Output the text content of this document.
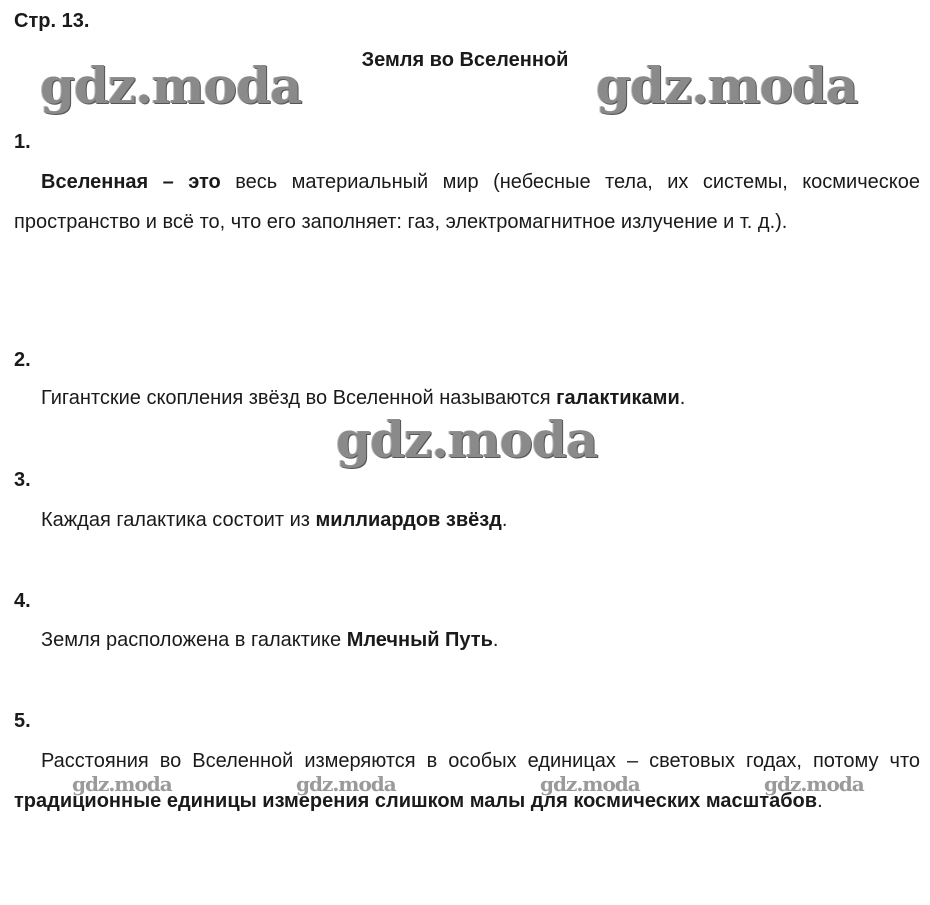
Стр. 13.
Земля во Вселенной
gdz.moda	gdz.moda
gdz.moda
gdz.moda	gdz.moda	gdz.moda	gdz.moda
1.
Вселенная – это весь материальный мир (небесные тела, их системы, космическое пространство и всё то, что его заполняет: газ, электромагнитное излучение и т. д.).
2.
Гигантские скопления звёзд во Вселенной называются галактиками.
3.
Каждая галактика состоит из миллиардов звёзд.
4.
Земля расположена в галактике Млечный Путь.
5.
Расстояния во Вселенной измеряются в особых единицах – световых годах, потому что традиционные единицы измерения слишком малы для космических масштабов.
